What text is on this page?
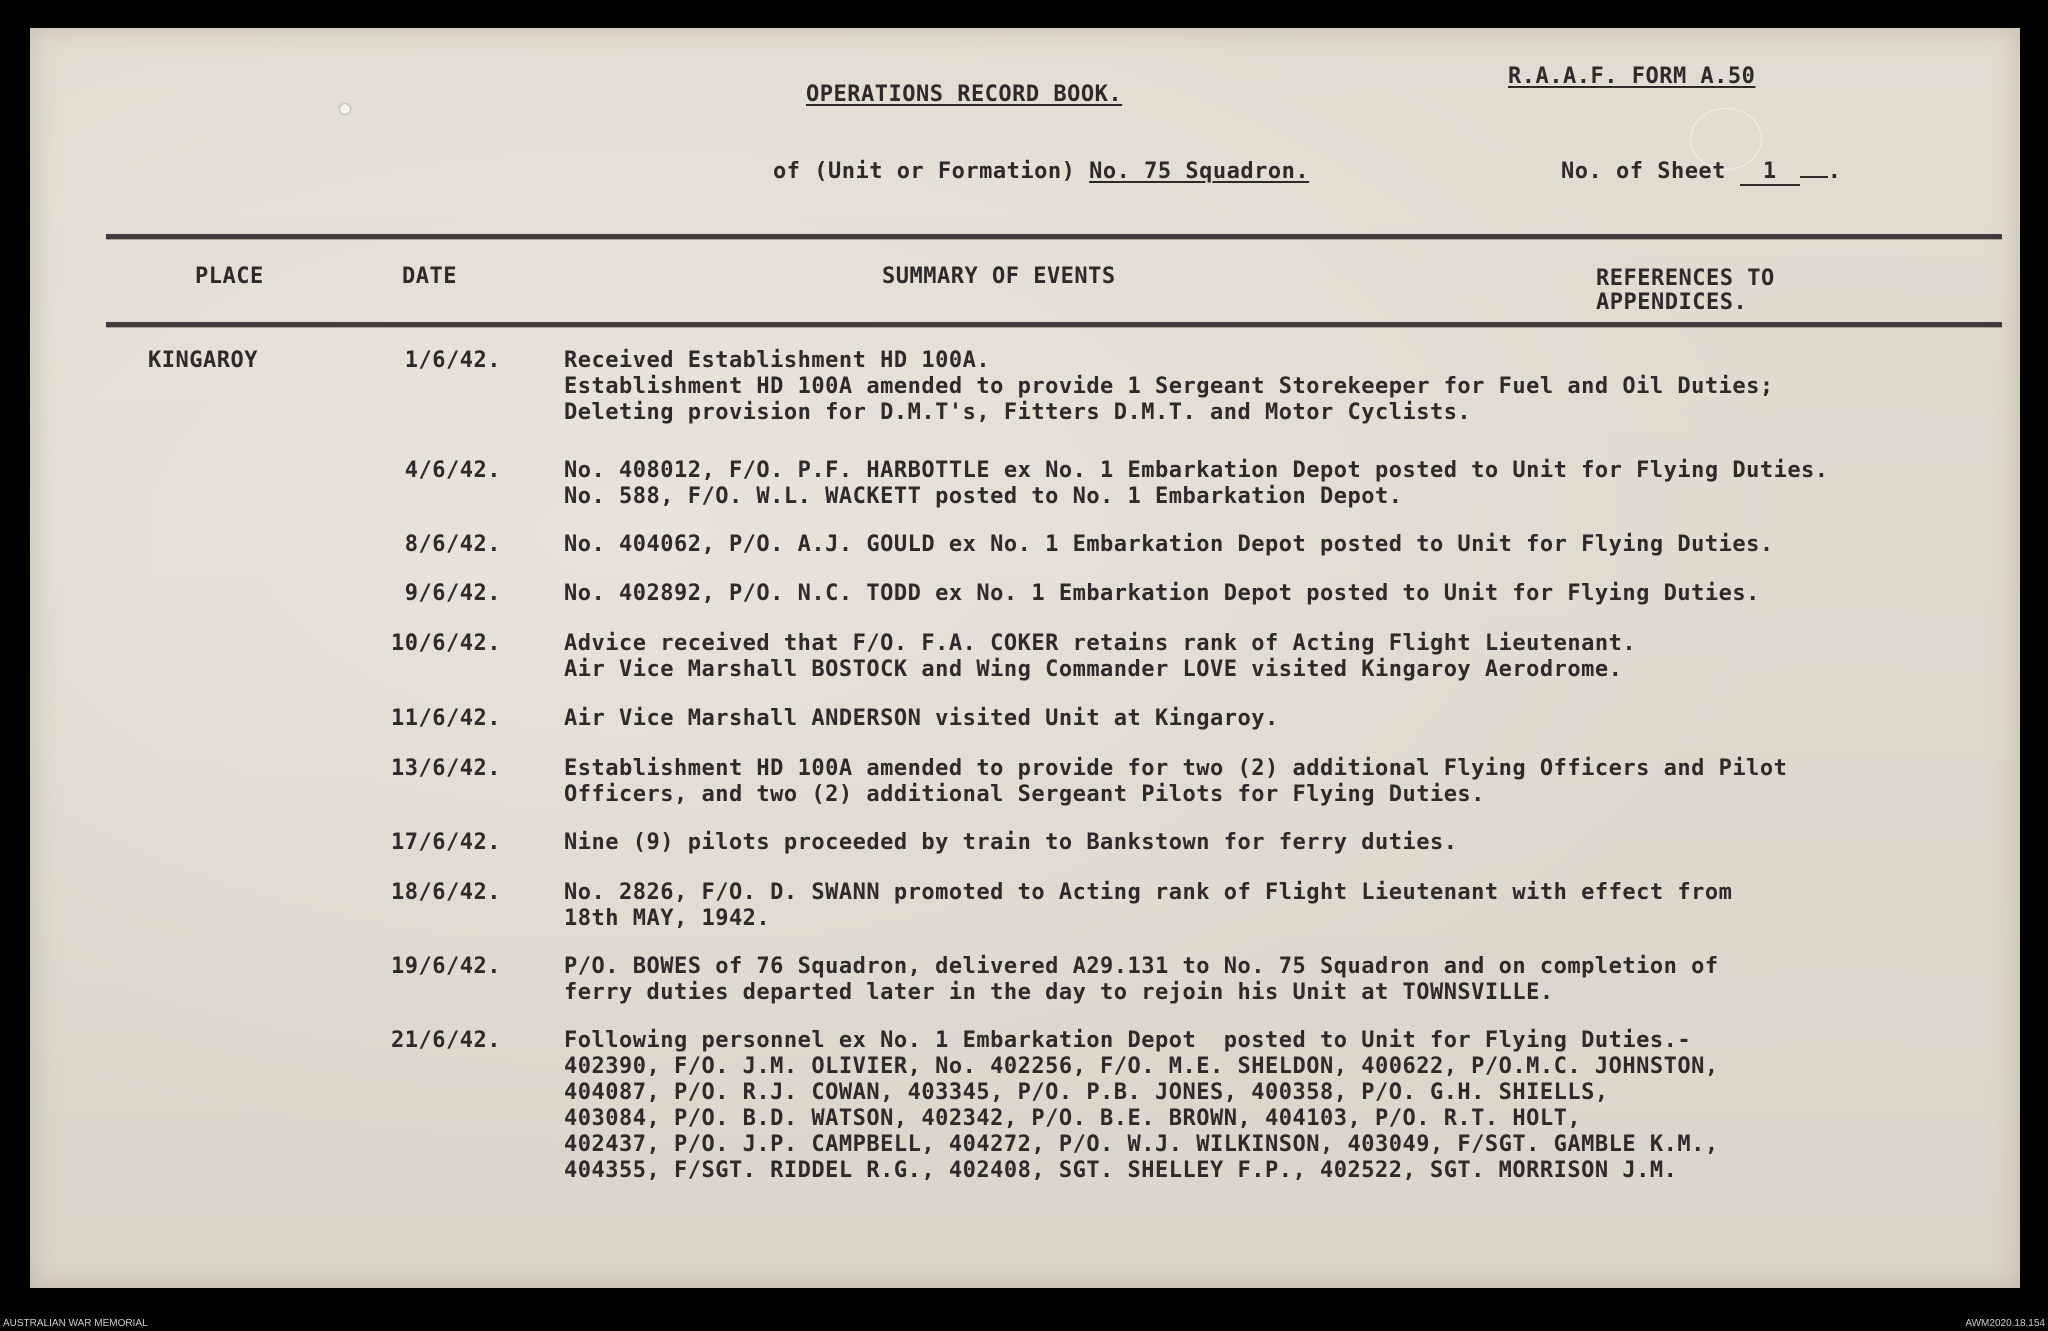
OPERATIONS RECORD BOOK.
R.A.A.F. FORM A.50

of (Unit or Formation) No. 75 Squadron.
	No. of Sheet 1 .

PLACE	DATE	SUMMARY OF EVENTS	REFERENCES TO
APPENDICES.
KINGAROY	1/6/42.	Received Establishment HD 100A.
Establishment HD 100A amended to provide 1 Sergeant Storekeeper for Fuel and Oil Duties;
Deleting provision for D.M.T's, Fitters D.M.T. and Motor Cyclists.
4/6/42.	No. 408012, F/O. P.F. HARBOTTLE ex No. 1 Embarkation Depot posted to Unit for Flying Duties.
No. 588, F/O. W.L. WACKETT posted to No. 1 Embarkation Depot.
8/6/42.	No. 404062, P/O. A.J. GOULD ex No. 1 Embarkation Depot posted to Unit for Flying Duties.
9/6/42.	No. 402892, P/O. N.C. TODD ex No. 1 Embarkation Depot posted to Unit for Flying Duties.
10/6/42.	Advice received that F/O. F.A. COKER retains rank of Acting Flight Lieutenant.
Air Vice Marshall BOSTOCK and Wing Commander LOVE visited Kingaroy Aerodrome.
11/6/42.	Air Vice Marshall ANDERSON visited Unit at Kingaroy.
13/6/42.	Establishment HD 100A amended to provide for two (2) additional Flying Officers and Pilot
Officers, and two (2) additional Sergeant Pilots for Flying Duties.
17/6/42.	Nine (9) pilots proceeded by train to Bankstown for ferry duties.
18/6/42.	No. 2826, F/O. D. SWANN promoted to Acting rank of Flight Lieutenant with effect from
18th MAY, 1942.
19/6/42.	P/O. BOWES of 76 Squadron, delivered A29.131 to No. 75 Squadron and on completion of
ferry duties departed later in the day to rejoin his Unit at TOWNSVILLE.
21/6/42.	Following personnel ex No. 1 Embarkation Depot  posted to Unit for Flying Duties.-
402390, F/O. J.M. OLIVIER, No. 402256, F/O. M.E. SHELDON, 400622, P/O.M.C. JOHNSTON,
404087, P/O. R.J. COWAN, 403345, P/O. P.B. JONES, 400358, P/O. G.H. SHIELLS,
403084, P/O. B.D. WATSON, 402342, P/O. B.E. BROWN, 404103, P/O. R.T. HOLT,
402437, P/O. J.P. CAMPBELL, 404272, P/O. W.J. WILKINSON, 403049, F/SGT. GAMBLE K.M.,
404355, F/SGT. RIDDEL R.G., 402408, SGT. SHELLEY F.P., 402522, SGT. MORRISON J.M.
AUSTRALIAN WAR MEMORIAL	AWM2020.18.154
